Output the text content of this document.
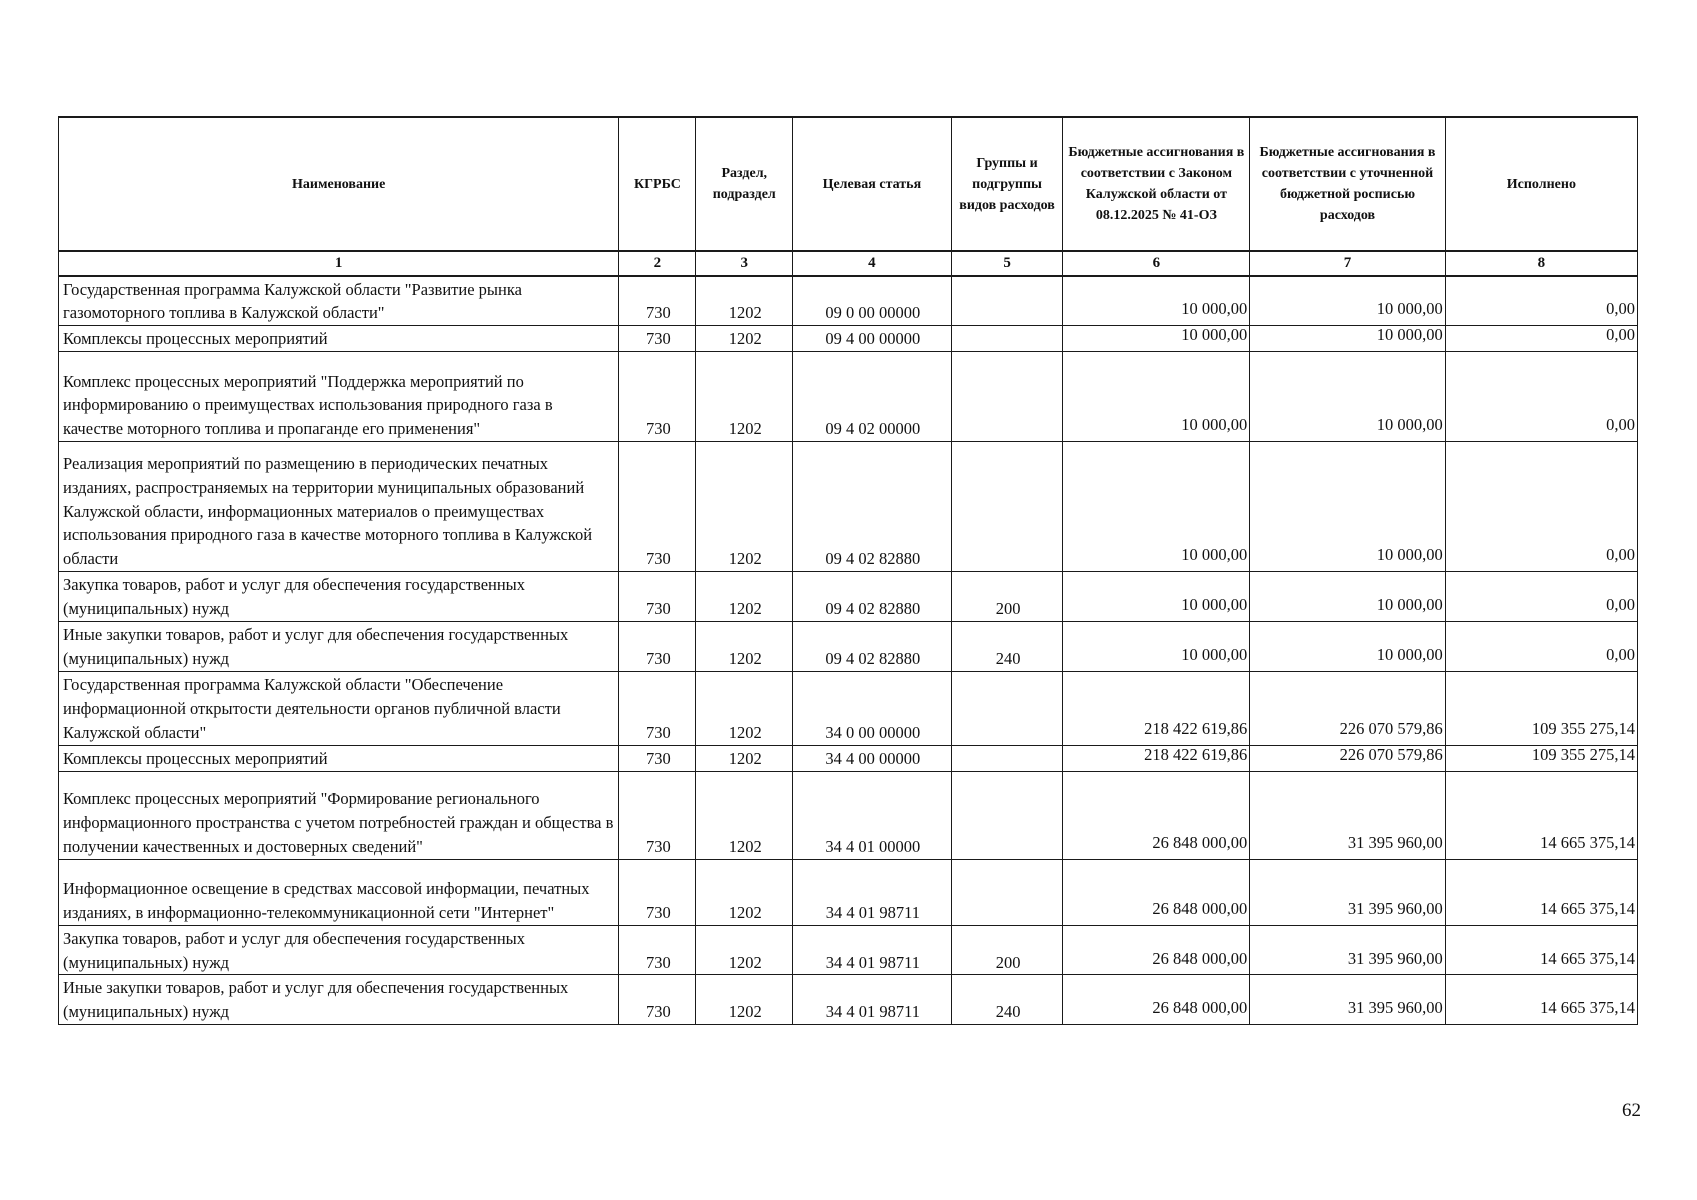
Наименование	КГРБС	Раздел, подраздел	Целевая статья	Группы и подгруппы видов расходов	Бюджетные ассигнования в соответствии с Законом Калужской области от 08.12.2025 № 41-ОЗ	Бюджетные ассигнования в соответствии с уточненной бюджетной росписью расходов	Исполнено
1	2	3	4	5	6	7	8
Государственная программа Калужской области "Развитие рынка газомоторного топлива в Калужской области"	730	1202	09 0 00 00000		10 000,00	10 000,00	0,00
Комплексы процессных мероприятий	730	1202	09 4 00 00000		10 000,00	10 000,00	0,00
Комплекс процессных мероприятий "Поддержка мероприятий по информированию о преимуществах использования природного газа в качестве моторного топлива и пропаганде его применения"	730	1202	09 4 02 00000		10 000,00	10 000,00	0,00
Реализация мероприятий по размещению в периодических печатных изданиях, распространяемых на территории муниципальных образований Калужской области, информационных материалов о преимуществах использования природного газа в качестве моторного топлива в Калужской области	730	1202	09 4 02 82880		10 000,00	10 000,00	0,00
Закупка товаров, работ и услуг для обеспечения государственных (муниципальных) нужд	730	1202	09 4 02 82880	200	10 000,00	10 000,00	0,00
Иные закупки товаров, работ и услуг для обеспечения государственных (муниципальных) нужд	730	1202	09 4 02 82880	240	10 000,00	10 000,00	0,00
Государственная программа Калужской области "Обеспечение информационной открытости деятельности органов публичной власти Калужской области"	730	1202	34 0 00 00000		218 422 619,86	226 070 579,86	109 355 275,14
Комплексы процессных мероприятий	730	1202	34 4 00 00000		218 422 619,86	226 070 579,86	109 355 275,14
Комплекс процессных мероприятий "Формирование регионального информационного пространства с учетом потребностей граждан и общества в получении качественных и достоверных сведений"	730	1202	34 4 01 00000		26 848 000,00	31 395 960,00	14 665 375,14
Информационное освещение в средствах массовой информации, печатных изданиях, в информационно-телекоммуникационной сети "Интернет"	730	1202	34 4 01 98711		26 848 000,00	31 395 960,00	14 665 375,14
Закупка товаров, работ и услуг для обеспечения государственных (муниципальных) нужд	730	1202	34 4 01 98711	200	26 848 000,00	31 395 960,00	14 665 375,14
Иные закупки товаров, работ и услуг для обеспечения государственных (муниципальных) нужд	730	1202	34 4 01 98711	240	26 848 000,00	31 395 960,00	14 665 375,14
62
